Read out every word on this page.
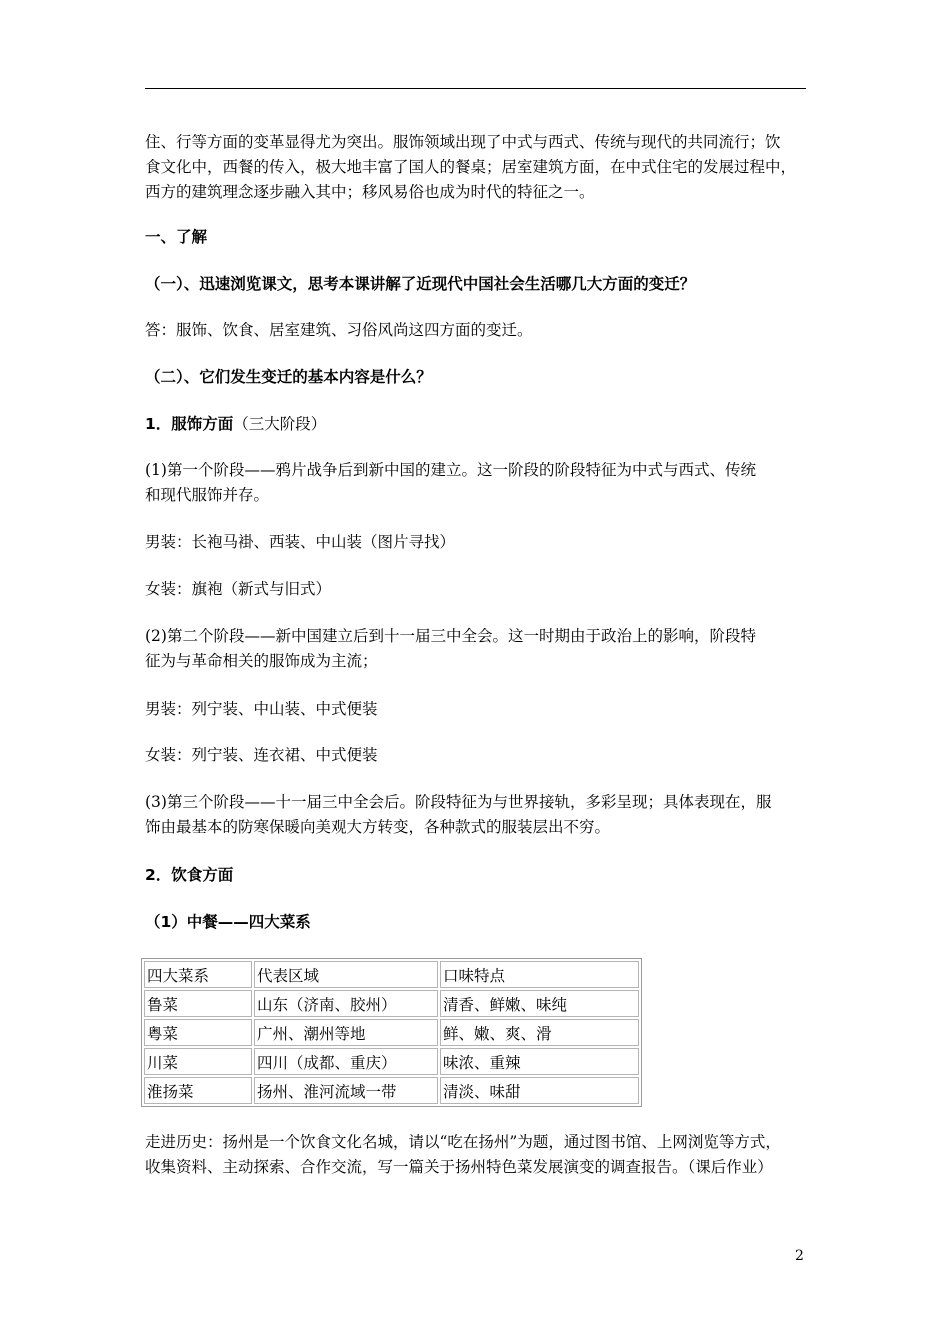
住、行等方面的变革显得尤为突出。服饰领域出现了中式与西式、传统与现代的共同流行；饮

食文化中，西餐的传入，极大地丰富了国人的餐桌；居室建筑方面，在中式住宅的发展过程中，

西方的建筑理念逐步融入其中；移风易俗也成为时代的特征之一。

一、了解

（一）、迅速浏览课文，思考本课讲解了近现代中国社会生活哪几大方面的变迁？

答：服饰、饮食、居室建筑、习俗风尚这四方面的变迁。

（二）、它们发生变迁的基本内容是什么？

1．服饰方面（三大阶段）

(1)第一个阶段——鸦片战争后到新中国的建立。这一阶段的阶段特征为中式与西式、传统

和现代服饰并存。

男装：长袍马褂、西装、中山装（图片寻找）

女装：旗袍（新式与旧式）

(2)第二个阶段——新中国建立后到十一届三中全会。这一时期由于政治上的影响，阶段特

征为与革命相关的服饰成为主流；

男装：列宁装、中山装、中式便装

女装：列宁装、连衣裙、中式便装

(3)第三个阶段——十一届三中全会后。阶段特征为与世界接轨，多彩呈现；具体表现在，服

饰由最基本的防寒保暖向美观大方转变，各种款式的服装层出不穷。

2．饮食方面

（1）中餐——四大菜系

四大菜系	代表区域	口味特点
鲁菜	山东（济南、胶州）	清香、鲜嫩、味纯
粤菜	广州、潮州等地	鲜、嫩、爽、滑
川菜	四川（成都、重庆）	味浓、重辣
淮扬菜	扬州、淮河流域一带	清淡、味甜

走进历史：扬州是一个饮食文化名城，请以“吃在扬州”为题，通过图书馆、上网浏览等方式，

收集资料、主动探索、合作交流，写一篇关于扬州特色菜发展演变的调查报告。（课后作业）

2
